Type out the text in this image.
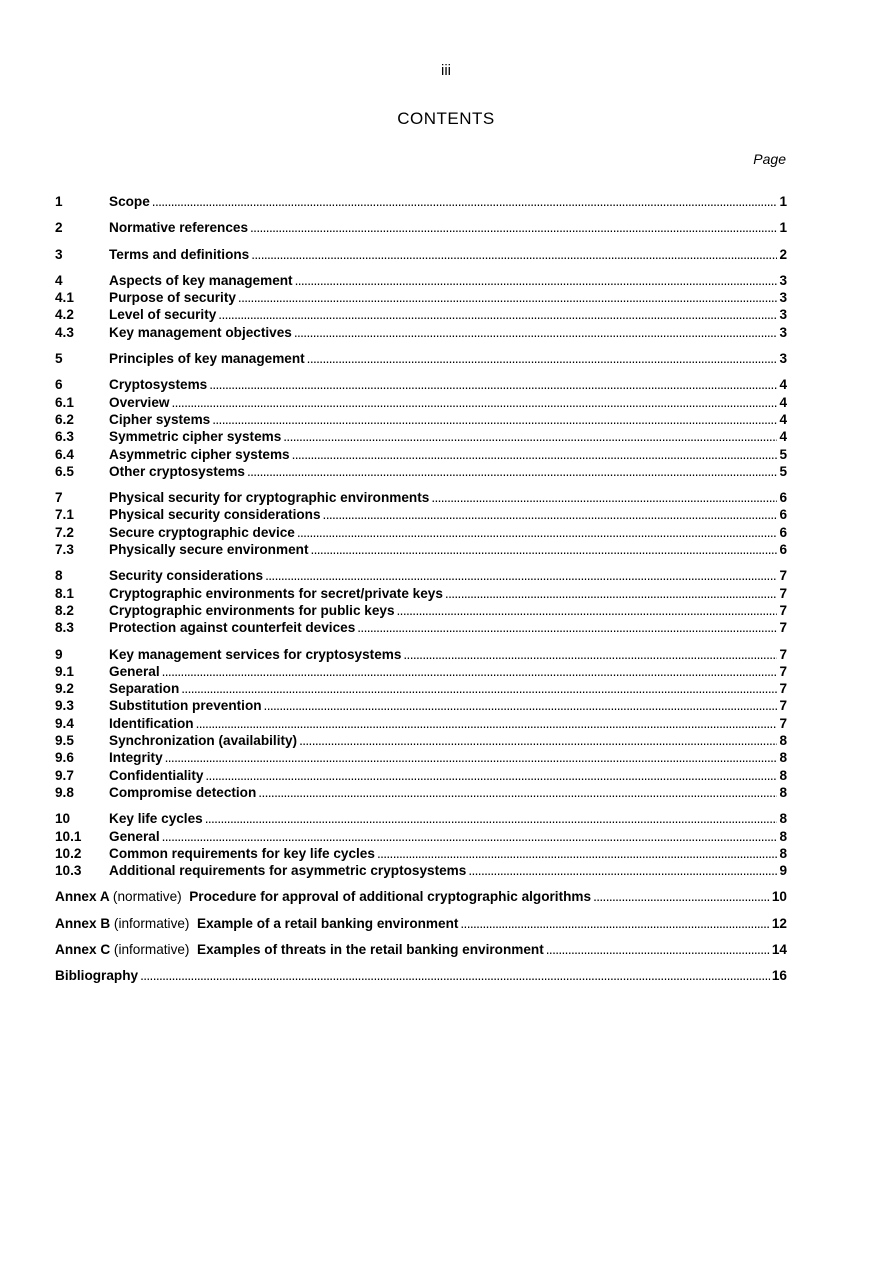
iii
CONTENTS
Page
1	Scope . . .	1
2	Normative references . . .	1
3	Terms and definitions . . .	2
4	Aspects of key management . . .	3
4.1	Purpose of security . . .	3
4.2	Level of security . . .	3
4.3	Key management objectives . . .	3
5	Principles of key management . . .	3
6	Cryptosystems . . .	4
6.1	Overview . . .	4
6.2	Cipher systems . . .	4
6.3	Symmetric cipher systems . . .	4
6.4	Asymmetric cipher systems . . .	5
6.5	Other cryptosystems . . .	5
7	Physical security for cryptographic environments . . .	6
7.1	Physical security considerations . . .	6
7.2	Secure cryptographic device . . .	6
7.3	Physically secure environment . . .	6
8	Security considerations . . .	7
8.1	Cryptographic environments for secret/private keys . . .	7
8.2	Cryptographic environments for public keys . . .	7
8.3	Protection against counterfeit devices . . .	7
9	Key management services for cryptosystems . . .	7
9.1	General . . .	7
9.2	Separation . . .	7
9.3	Substitution prevention . . .	7
9.4	Identification . . .	7
9.5	Synchronization (availability) . . .	8
9.6	Integrity . . .	8
9.7	Confidentiality . . .	8
9.8	Compromise detection . . .	8
10	Key life cycles . . .	8
10.1	General . . .	8
10.2	Common requirements for key life cycles . . .	8
10.3	Additional requirements for asymmetric cryptosystems . . .	9
Annex A (normative) Procedure for approval of additional cryptographic algorithms . . .	10
Annex B (informative) Example of a retail banking environment . . .	12
Annex C (informative) Examples of threats in the retail banking environment . . .	14
Bibliography . . .	16
